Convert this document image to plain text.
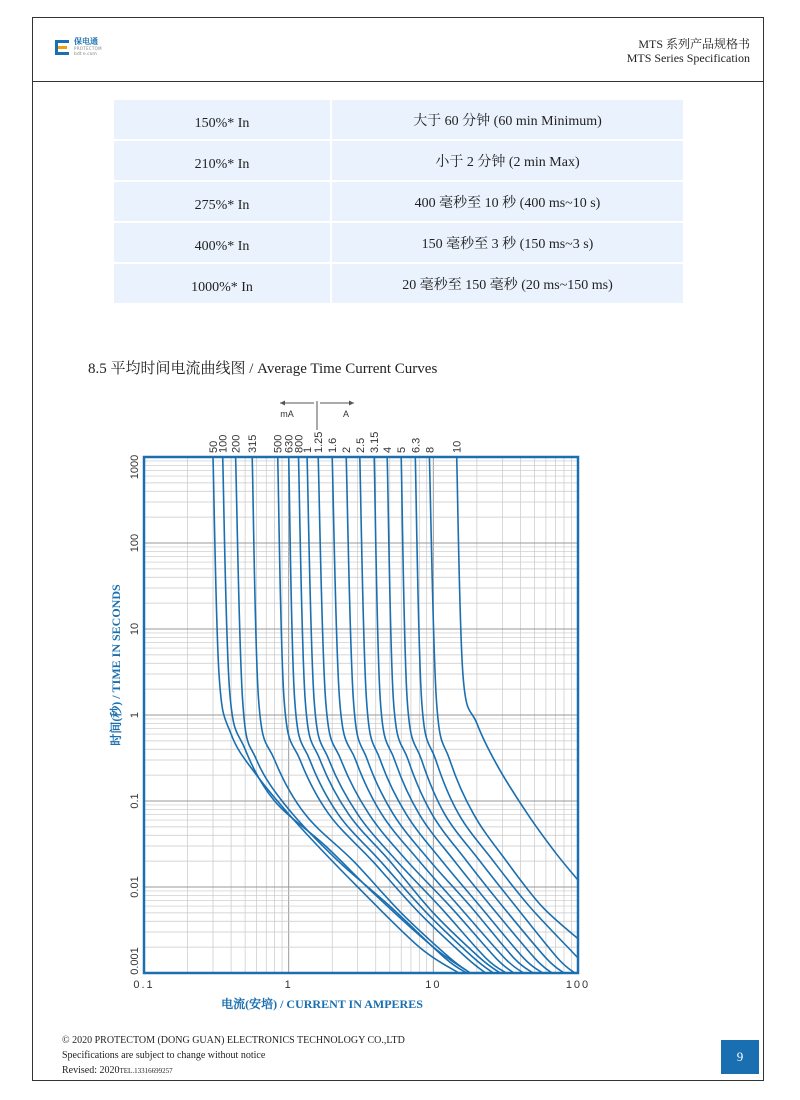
保电通
PROTECTOM
bdt e.com
MTS 系列产品规格书
MTS Series Specification
150%* In	大于 60 分钟 (60 min Minimum)
210%* In	小于 2 分钟 (2 min Max)
275%* In	400 毫秒至 10 秒 (400 ms~10 s)
400%* In	150 毫秒至 3 秒 (150 ms~3 s)
1000%* In	20 毫秒至 150 毫秒 (20 ms~150 ms)
8.5 平均时间电流曲线图 / Average Time Current Curves
0.001
0.01
0.1
1
10
100
1000
0.1	1	10	100
50
100 200 315 500
630
800
1 1.25 1.6 2 2.5 3.15 4 5 6.3 8 10
mA	A
电流(安培) / CURRENT IN AMPERES
时间(秒) / TIME IN SECONDS
© 2020 PROTECTOM (DONG GUAN) ELECTRONICS TECHNOLOGY CO.,LTD
Specifications are subject to change without notice
Revised: 2020TEL.13316699257
9
